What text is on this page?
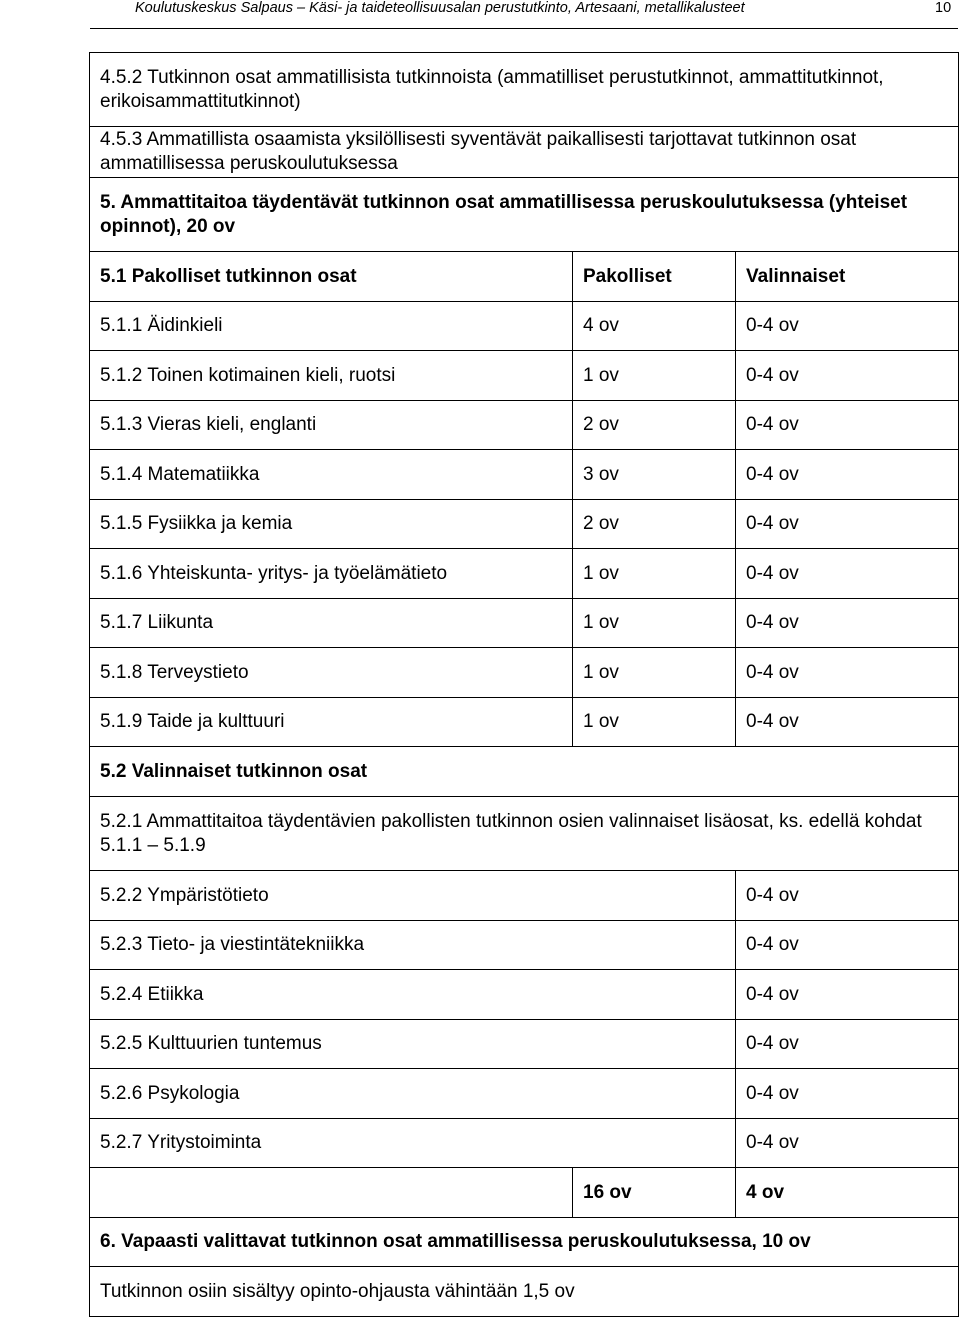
Koulutuskeskus Salpaus – Käsi- ja taideteollisuusalan perustutkinto, Artesaani, metallikalusteet	10
4.5.2 Tutkinnon osat ammatillisista tutkinnoista (ammatilliset perustutkinnot, ammattitutkinnot, erikoisammattitutkinnot)		
4.5.3 Ammatillista osaamista yksilöllisesti syventävät paikallisesti tarjottavat tutkinnon osat ammatillisessa peruskoulutuksessa		
5. Ammattitaitoa täydentävät tutkinnon osat ammatillisessa peruskoulutuksessa (yhteiset opinnot), 20 ov		
5.1 Pakolliset tutkinnon osat	Pakolliset	Valinnaiset
5.1.1 Äidinkieli	4 ov	0-4 ov
5.1.2 Toinen kotimainen kieli, ruotsi	1 ov	0-4 ov
5.1.3 Vieras kieli, englanti	2 ov	0-4 ov
5.1.4 Matematiikka	3 ov	0-4 ov
5.1.5 Fysiikka ja kemia	2 ov	0-4 ov
5.1.6 Yhteiskunta- yritys- ja työelämätieto	1 ov	0-4 ov
5.1.7 Liikunta	1 ov	0-4 ov
5.1.8 Terveystieto	1 ov	0-4 ov
5.1.9 Taide ja kulttuuri	1 ov	0-4 ov
5.2 Valinnaiset tutkinnon osat		
5.2.1 Ammattitaitoa täydentävien pakollisten tutkinnon osien valinnaiset lisäosat, ks. edellä kohdat 5.1.1 – 5.1.9		
5.2.2 Ympäristötieto		0-4 ov
5.2.3 Tieto- ja viestintätekniikka		0-4 ov
5.2.4 Etiikka		0-4 ov
5.2.5 Kulttuurien tuntemus		0-4 ov
5.2.6 Psykologia		0-4 ov
5.2.7 Yritystoiminta		0-4 ov
	16 ov	4 ov
6. Vapaasti valittavat tutkinnon osat ammatillisessa peruskoulutuksessa, 10 ov		
Tutkinnon osiin sisältyy opinto-ohjausta vähintään 1,5 ov		
